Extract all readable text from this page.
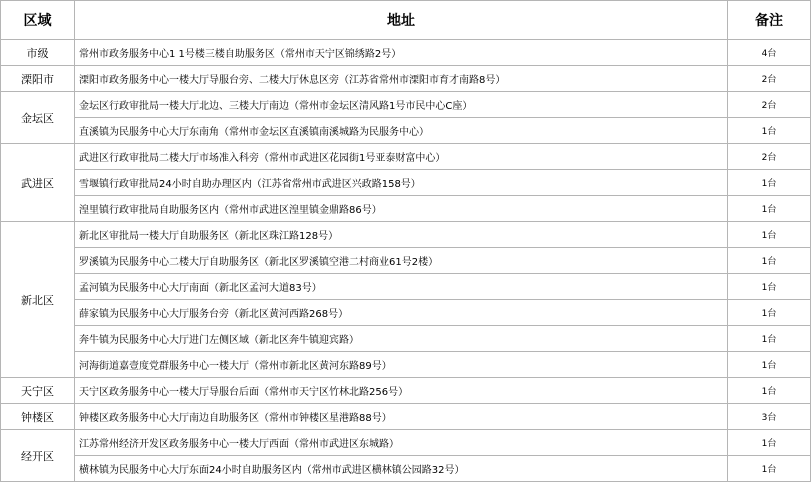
区域	地址	备注
市级	常州市政务服务中心1 1号楼三楼自助服务区（常州市天宁区锦绣路2号）	4台
溧阳市	溧阳市政务服务中心一楼大厅导服台旁、二楼大厅休息区旁（江苏省常州市溧阳市育才南路8号）	2台
金坛区	金坛区行政审批局一楼大厅北边、三楼大厅南边（常州市金坛区清风路1号市民中心C座）	2台
	直溪镇为民服务中心大厅东南角（常州市金坛区直溪镇南溪城路为民服务中心）	1台
武进区	武进区行政审批局二楼大厅市场准入科旁（常州市武进区花园街1号亚泰财富中心）	2台
	雪堰镇行政审批局24小时自助办理区内（江苏省常州市武进区兴政路158号）	1台
	湟里镇行政审批局自助服务区内（常州市武进区湟里镇金鼎路86号）	1台
新北区	新北区审批局一楼大厅自助服务区（新北区珠江路128号）	1台
	罗溪镇为民服务中心二楼大厅自助服务区（新北区罗溪镇空港二村商业61号2楼）	1台
	孟河镇为民服务中心大厅南面（新北区孟河大道83号）	1台
	薛家镇为民服务中心大厅服务台旁（新北区黄河西路268号）	1台
	奔牛镇为民服务中心大厅进门左侧区域（新北区奔牛镇迎宾路）	1台
	河海街道嘉壹度党群服务中心一楼大厅（常州市新北区黄河东路89号）	1台
天宁区	天宁区政务服务中心一楼大厅导服台后面（常州市天宁区竹林北路256号）	1台
钟楼区	钟楼区政务服务中心大厅南边自助服务区（常州市钟楼区星港路88号）	3台
经开区	江苏常州经济开发区政务服务中心一楼大厅西面（常州市武进区东城路）	1台
	横林镇为民服务中心大厅东面24小时自助服务区内（常州市武进区横林镇公园路32号）	1台
